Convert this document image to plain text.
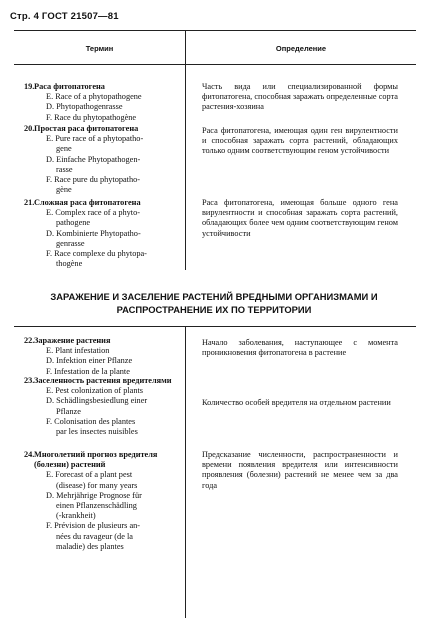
Стр. 4 ГОСТ 21507—81
Термин	Определение
19. Раса фитопатогена
E. Race of a phytopathogene
D. Phytopathogenrasse
F. Race du phytopathogène
Часть вида или специализированной формы фитопатогена, способная заражать определенные сорта растения-хозяина
20. Простая раса фитопатогена
E. Pure race of a phytopatho-
gene
D. Einfache Phytopathogen-
rasse
F. Race pure du phytopatho-
gène
Раса фитопатогена, имеющая один ген вирулентности и способная заражать сорта растений, обладающих только одним соответствующим геном устойчивости
21. Сложная раса фитопатогена
E. Complex race of a phyto-
pathogene
D. Kombinierte Phytopatho-
genrasse
F. Race complexe du phytopa-
thogène
Раса фитопатогена, имеющая больше одного гена вирулентности и способная заражать сорта растений, обладающих более чем одним соответствующим геном устойчивости
ЗАРАЖЕНИЕ И ЗАСЕЛЕНИЕ РАСТЕНИЙ ВРЕДНЫМИ ОРГАНИЗМАМИ И РАСПРОСТРАНЕНИЕ ИХ ПО ТЕРРИТОРИИ
22. Заражение растения
E. Plant infestation
D. Infektion einer Pflanze
F. Infestation de la plante
Начало заболевания, наступающее с момента проникновения фитопатогена в растение
23. Заселенность растения вредителями
E. Pest colonization of plants
D. Schädlingsbesiedlung einer
Pflanze
F. Colonisation des plantes
par les insectes nuisibles
Количество особей вредителя на отдельном растении
24. Многолетний прогноз вредителя (болезни) растений
E. Forecast of a plant pest
(disease) for many years
D. Mehrjährige Prognose für
einen Pflanzenschädling
(-krankheit)
F. Prévision de plusieurs an-
nées du ravageur (de la
maladie) des plantes
Предсказание численности, распространенности и времени появления вредителя или интенсивности проявления (болезни) растений не менее чем за два года
